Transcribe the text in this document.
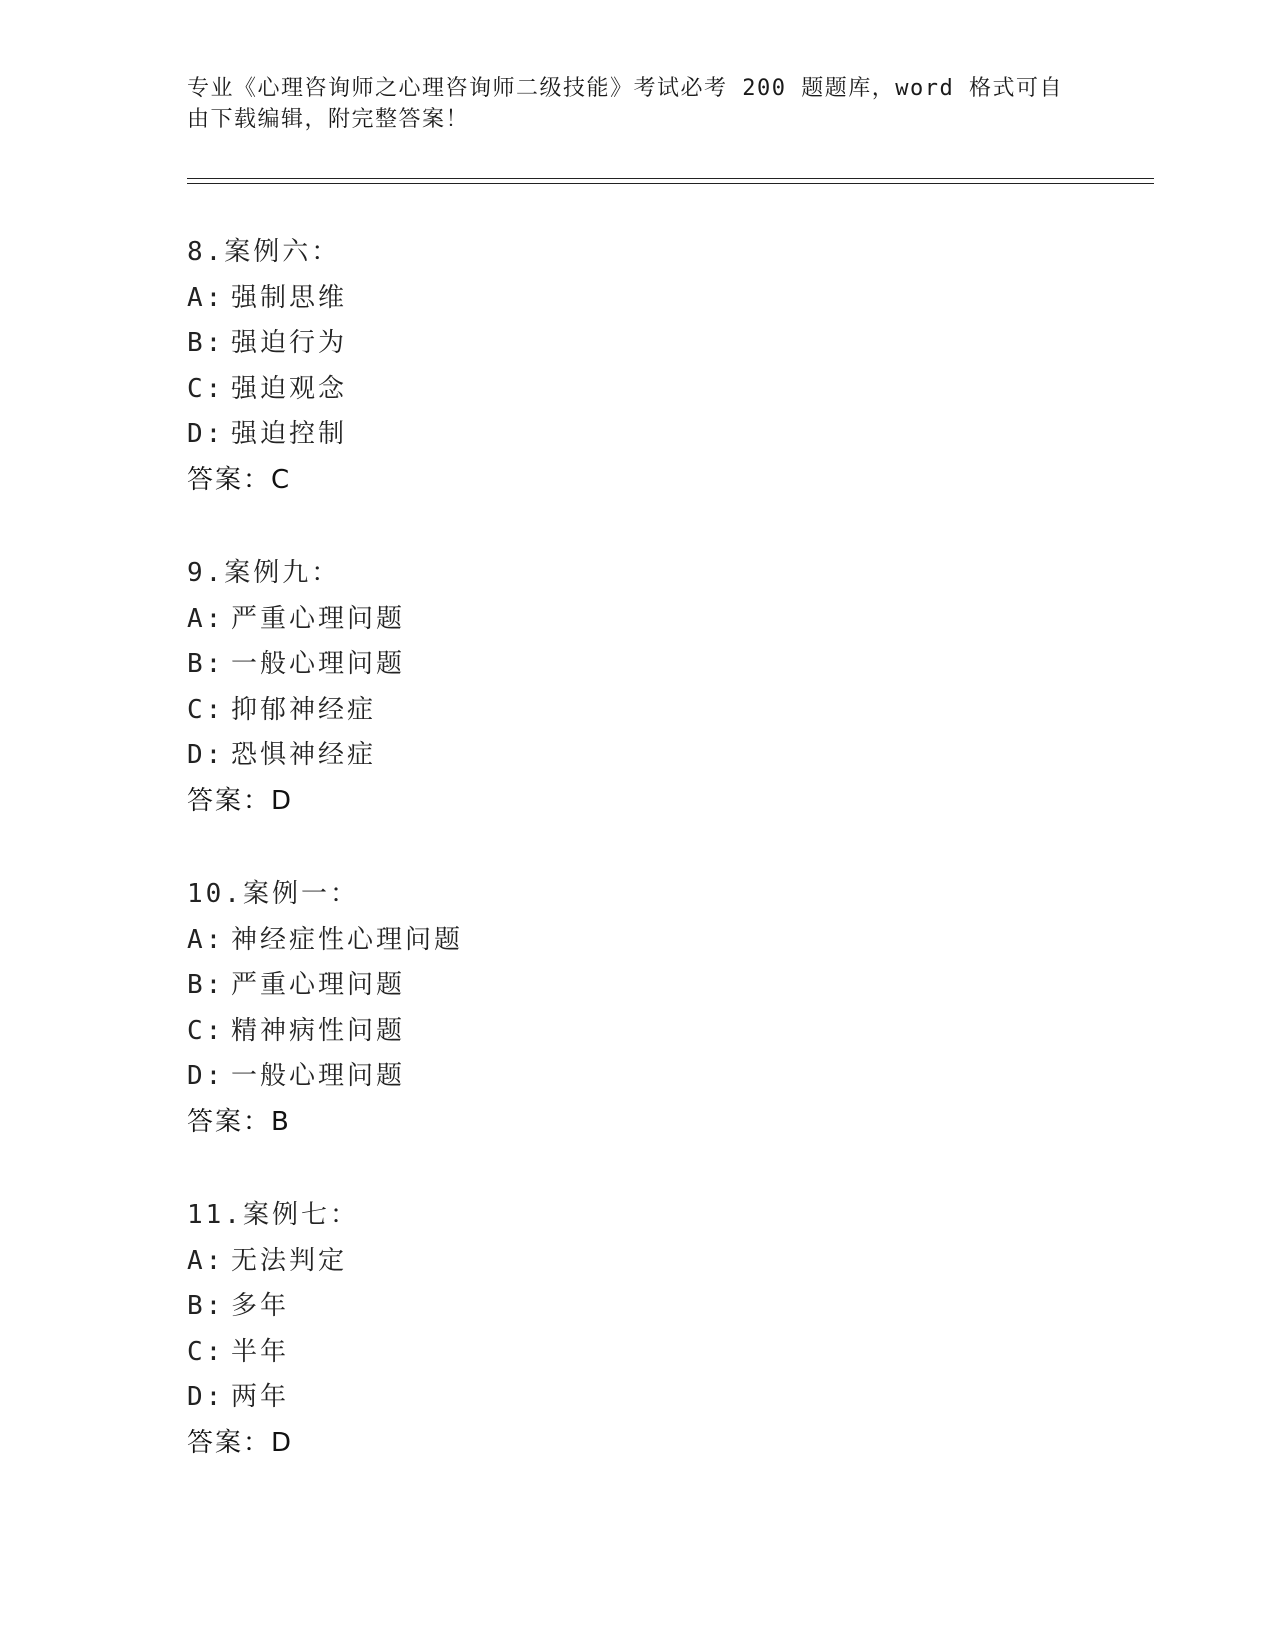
专业《心理咨询师之心理咨询师二级技能》考试必考 200 题题库，word 格式可自
由下载编辑，附完整答案！
8.案例六：
A: 强制思维
B: 强迫行为
C: 强迫观念
D: 强迫控制
答案：C
9.案例九：
A: 严重心理问题
B: 一般心理问题
C: 抑郁神经症
D: 恐惧神经症
答案：D
10.案例一：
A: 神经症性心理问题
B: 严重心理问题
C: 精神病性问题
D: 一般心理问题
答案：B
11.案例七：
A: 无法判定
B: 多年
C: 半年
D: 两年
答案：D
